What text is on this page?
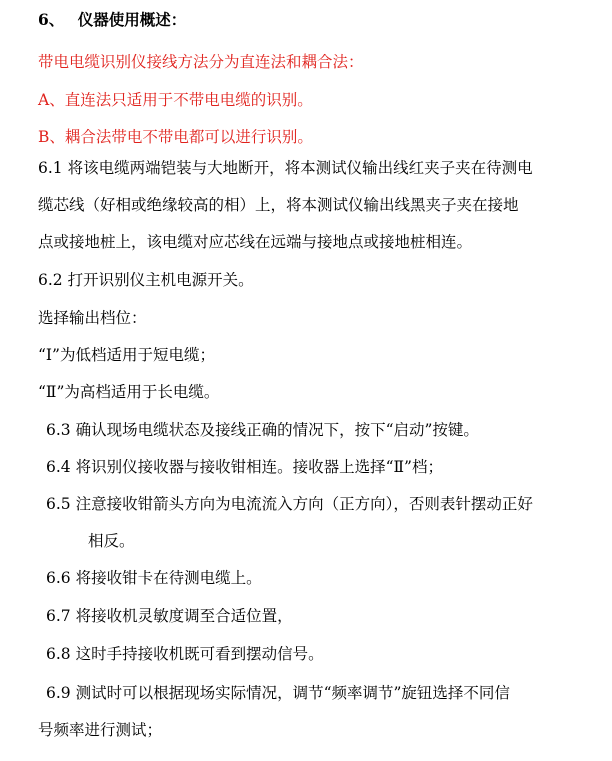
6、 仪器使用概述：
带电电缆识别仪接线方法分为直连法和耦合法：
A、直连法只适用于不带电电缆的识别。
B、耦合法带电不带电都可以进行识别。
6.1 将该电缆两端铠装与大地断开，将本测试仪输出线红夹子夹在待测电
缆芯线（好相或绝缘较高的相）上，将本测试仪输出线黑夹子夹在接地
点或接地桩上，该电缆对应芯线在远端与接地点或接地桩相连。
6.2 打开识别仪主机电源开关。
选择输出档位：
“Ⅰ”为低档适用于短电缆；
“Ⅱ”为高档适用于长电缆。
6.3 确认现场电缆状态及接线正确的情况下，按下“启动”按键。
6.4 将识别仪接收器与接收钳相连。接收器上选择“Ⅱ”档；
6.5 注意接收钳箭头方向为电流流入方向（正方向），否则表针摆动正好
相反。
6.6 将接收钳卡在待测电缆上。
6.7 将接收机灵敏度调至合适位置，
6.8 这时手持接收机既可看到摆动信号。
6.9 测试时可以根据现场实际情况，调节“频率调节”旋钮选择不同信
号频率进行测试；
